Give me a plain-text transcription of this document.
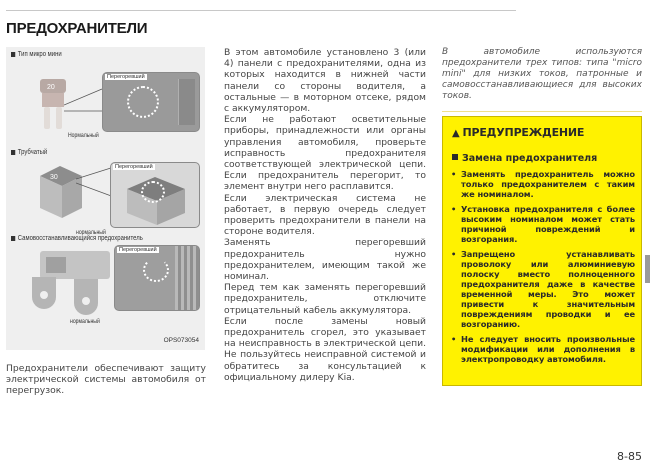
ПРЕДОХРАНИТЕЛИ
Тип микро мини
20
Перегоревший
Нормальный
Трубчатый
30
Перегоревший
нормальный
Самовосстанавливающийся предохранитель
Перегоревший
нормальный
OPS073054
Предохранители обеспечивают защиту электрической системы автомобиля от перегрузок.

В этом автомобиле установлено 3 (или 4) панели с предохранителями, одна из которых находится в нижней части панели со стороны водителя, а остальные — в моторном отсеке, рядом с аккумулятором.

Если не работают осветительные приборы, принадлежности или органы управления автомобиля, проверьте исправность предохранителя соответствующей электрической цепи. Если предохранитель перегорит, то элемент внутри него расплавится.

Если электрическая система не работает, в первую очередь следует проверить предохранители в панели на стороне водителя.

Заменять перегоревший предохранитель нужно предохранителем, имеющим такой же номинал.

Перед тем как заменять перегоревший предохранитель, отключите отрицательный кабель аккумулятора.

Если после замены новый предохранитель сгорел, это указывает на неисправность в электрической цепи. Не пользуйтесь неисправной системой и обратитесь за консультацией к официальному дилеру Kia.

В автомобиле используются предохранители трех типов: типа "micro mini" для низких токов, патронные и самовосстанавливающиеся для высоких токов.
▲ ПРЕДУПРЕЖДЕНИЕ
Замена предохранителя
• Заменять предохранитель можно только предохранителем с таким же номиналом.
• Установка предохранителя с более высоким номиналом может стать причиной повреждений и возгорания.
• Запрещено устанавливать проволоку или алюминиевую полоску вместо полноценного предохранителя даже в качестве временной меры. Это может привести к значительным повреждениям проводки и ее возгоранию.
• Не следует вносить произвольные модификации или дополнения в электропроводку автомобиля.
8-85
